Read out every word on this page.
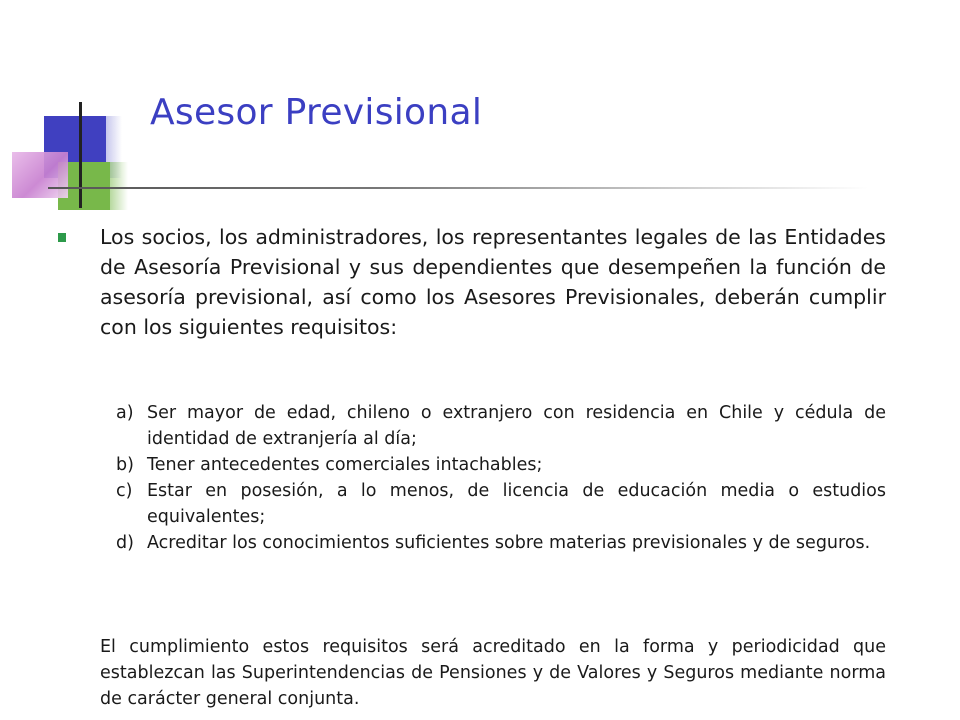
Asesor Previsional

Los socios, los administradores, los representantes legales de las Entidades de Asesoría Previsional y sus dependientes que desempeñen la función de asesoría previsional, así como los Asesores Previsionales, deberán cumplir con los siguientes requisitos:

a) Ser mayor de edad, chileno o extranjero con residencia en Chile y cédula de identidad de extranjería al día;
b) Tener antecedentes comerciales intachables;
c) Estar en posesión, a lo menos, de licencia de educación media o estudios equivalentes;
d) Acreditar los conocimientos suficientes sobre materias previsionales y de seguros.

El cumplimiento estos requisitos será acreditado en la forma y periodicidad que establezcan las Superintendencias de Pensiones y de Valores y Seguros mediante norma de carácter general conjunta.
